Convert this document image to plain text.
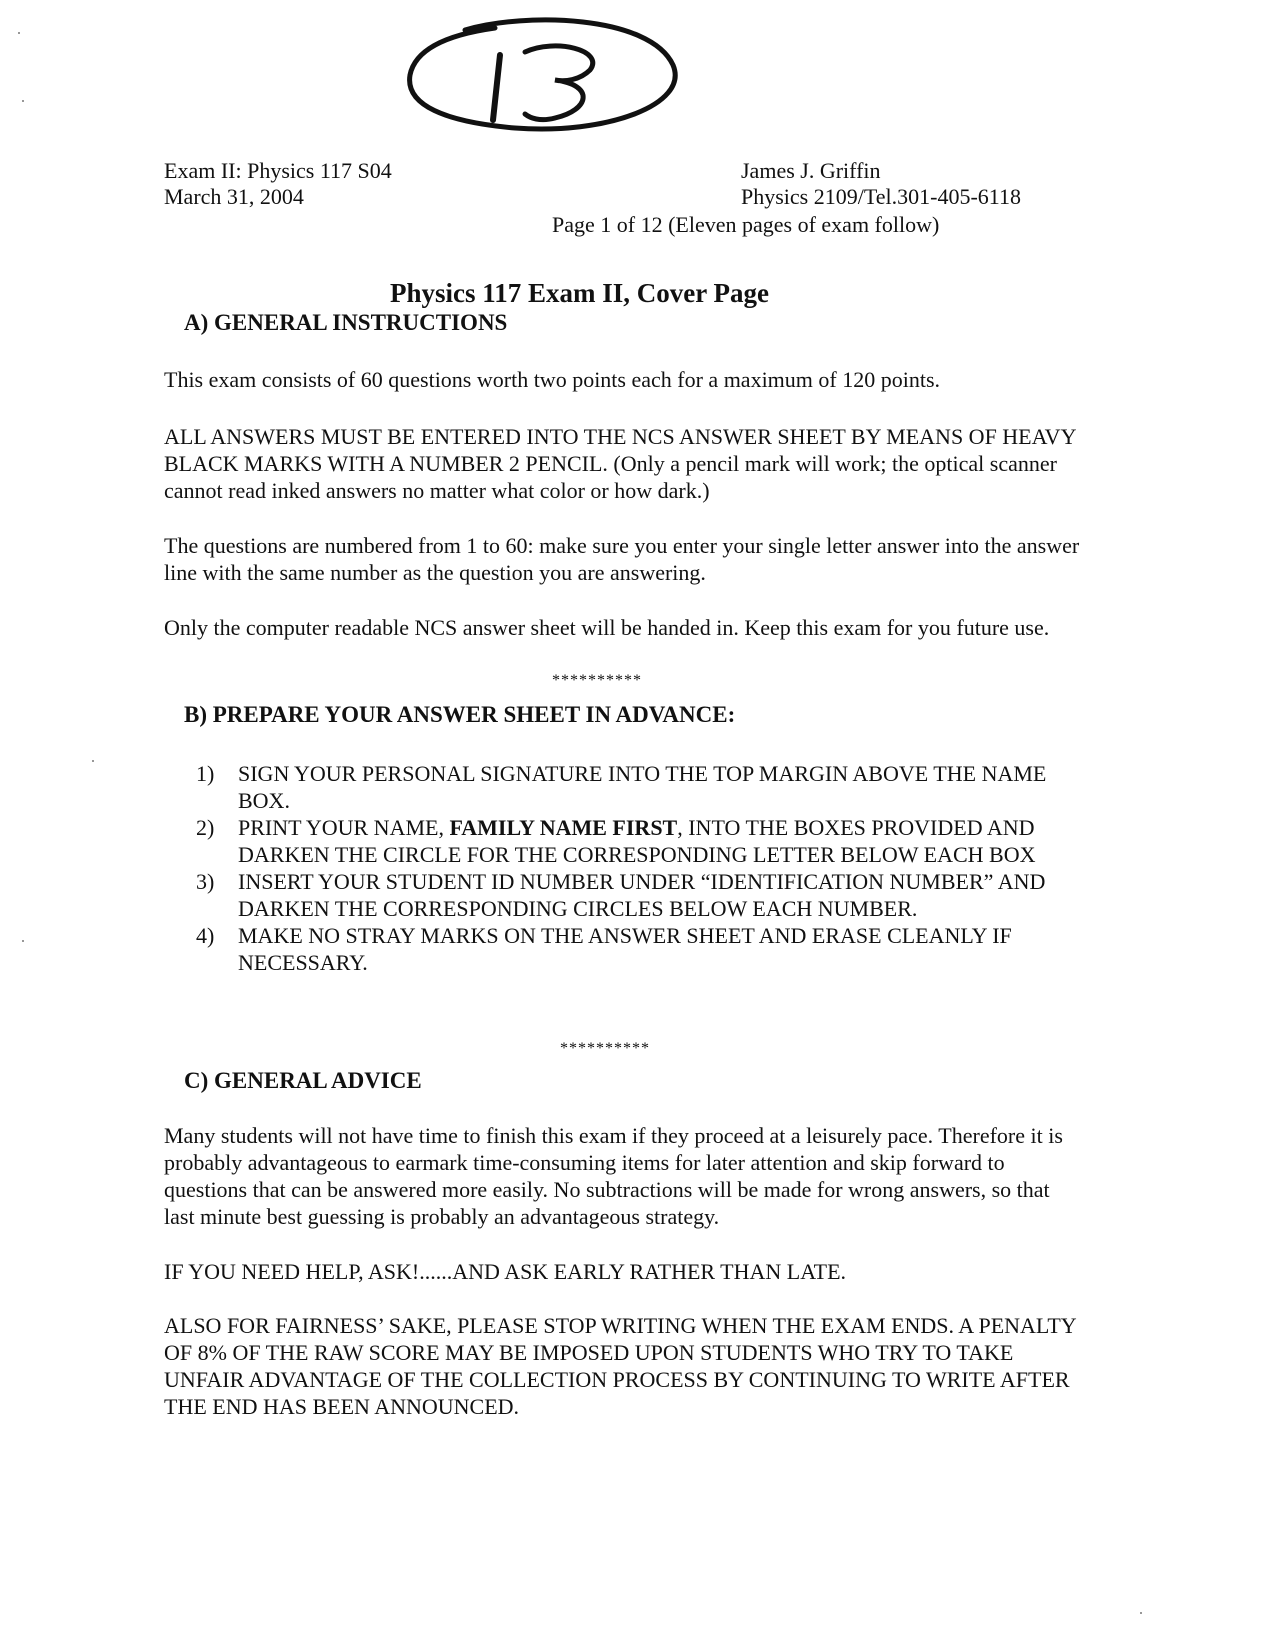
Exam II: Physics 117 S04
March 31, 2004
James J. Griffin
Physics 2109/Tel.301-405-6118
Page 1 of 12 (Eleven pages of exam follow)
Physics 117 Exam II, Cover Page
A) GENERAL INSTRUCTIONS

This exam consists of 60 questions worth two points each for a maximum of 120 points.

ALL ANSWERS MUST BE ENTERED INTO THE NCS ANSWER SHEET BY MEANS OF HEAVY BLACK MARKS WITH A NUMBER 2 PENCIL. (Only a pencil mark will work; the optical scanner cannot read inked answers no matter what color or how dark.)

The questions are numbered from 1 to 60: make sure you enter your single letter answer into the answer line with the same number as the question you are answering.

Only the computer readable NCS answer sheet will be handed in. Keep this exam for you future use.

**********
B) PREPARE YOUR ANSWER SHEET IN ADVANCE:
1) SIGN YOUR PERSONAL SIGNATURE INTO THE TOP MARGIN ABOVE THE NAME BOX.
2) PRINT YOUR NAME, FAMILY NAME FIRST, INTO THE BOXES PROVIDED AND DARKEN THE CIRCLE FOR THE CORRESPONDING LETTER BELOW EACH BOX
3) INSERT YOUR STUDENT ID NUMBER UNDER “IDENTIFICATION NUMBER” AND DARKEN THE CORRESPONDING CIRCLES BELOW EACH NUMBER.
4) MAKE NO STRAY MARKS ON THE ANSWER SHEET AND ERASE CLEANLY IF NECESSARY.
**********
C) GENERAL ADVICE

Many students will not have time to finish this exam if they proceed at a leisurely pace. Therefore it is probably advantageous to earmark time-consuming items for later attention and skip forward to questions that can be answered more easily. No subtractions will be made for wrong answers, so that last minute best guessing is probably an advantageous strategy.

IF YOU NEED HELP, ASK!......AND ASK EARLY RATHER THAN LATE.

ALSO FOR FAIRNESS’ SAKE, PLEASE STOP WRITING WHEN THE EXAM ENDS. A PENALTY OF 8% OF THE RAW SCORE MAY BE IMPOSED UPON STUDENTS WHO TRY TO TAKE UNFAIR ADVANTAGE OF THE COLLECTION PROCESS BY CONTINUING TO WRITE AFTER THE END HAS BEEN ANNOUNCED.
